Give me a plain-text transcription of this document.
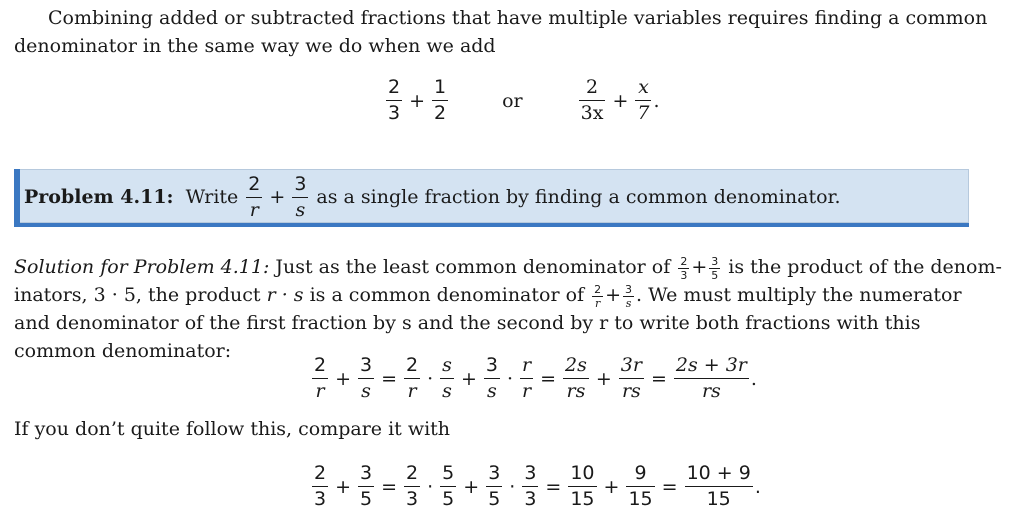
Combining added or subtracted fractions that have multiple variables requires finding a common denominator in the same way we do when we add
$\frac{2}{3} + \frac{1}{2}$	or	$\frac{2}{3x} + \frac{x}{7}$ .
Problem 4.11: Write $\frac{2}{r} + \frac{3}{s}$ as a single fraction by finding a common denominator.
Solution for Problem 4.11: Just as the least common denominator of $\frac{2}{3} + \frac{3}{5}$ is the product of the denom-inators, 3 · 5, the product r · s is a common denominator of $\frac{2}{r} + \frac{3}{s}$ . We must multiply the numerator and denominator of the first fraction by s and the second by r to write both fractions with this common denominator:
$\frac{2}{r} + \frac{3}{s} = \frac{2}{r} \cdot \frac{s}{s} + \frac{3}{s} \cdot \frac{r}{r} = \frac{2s}{rs} + \frac{3r}{rs} = \frac{2s + 3r}{rs}$ .
If you don’t quite follow this, compare it with
$\frac{2}{3} + \frac{3}{5} = \frac{2}{3} \cdot \frac{5}{5} + \frac{3}{5} \cdot \frac{3}{3} = \frac{10}{15} + \frac{9}{15} = \frac{10 + 9}{15}$ .
